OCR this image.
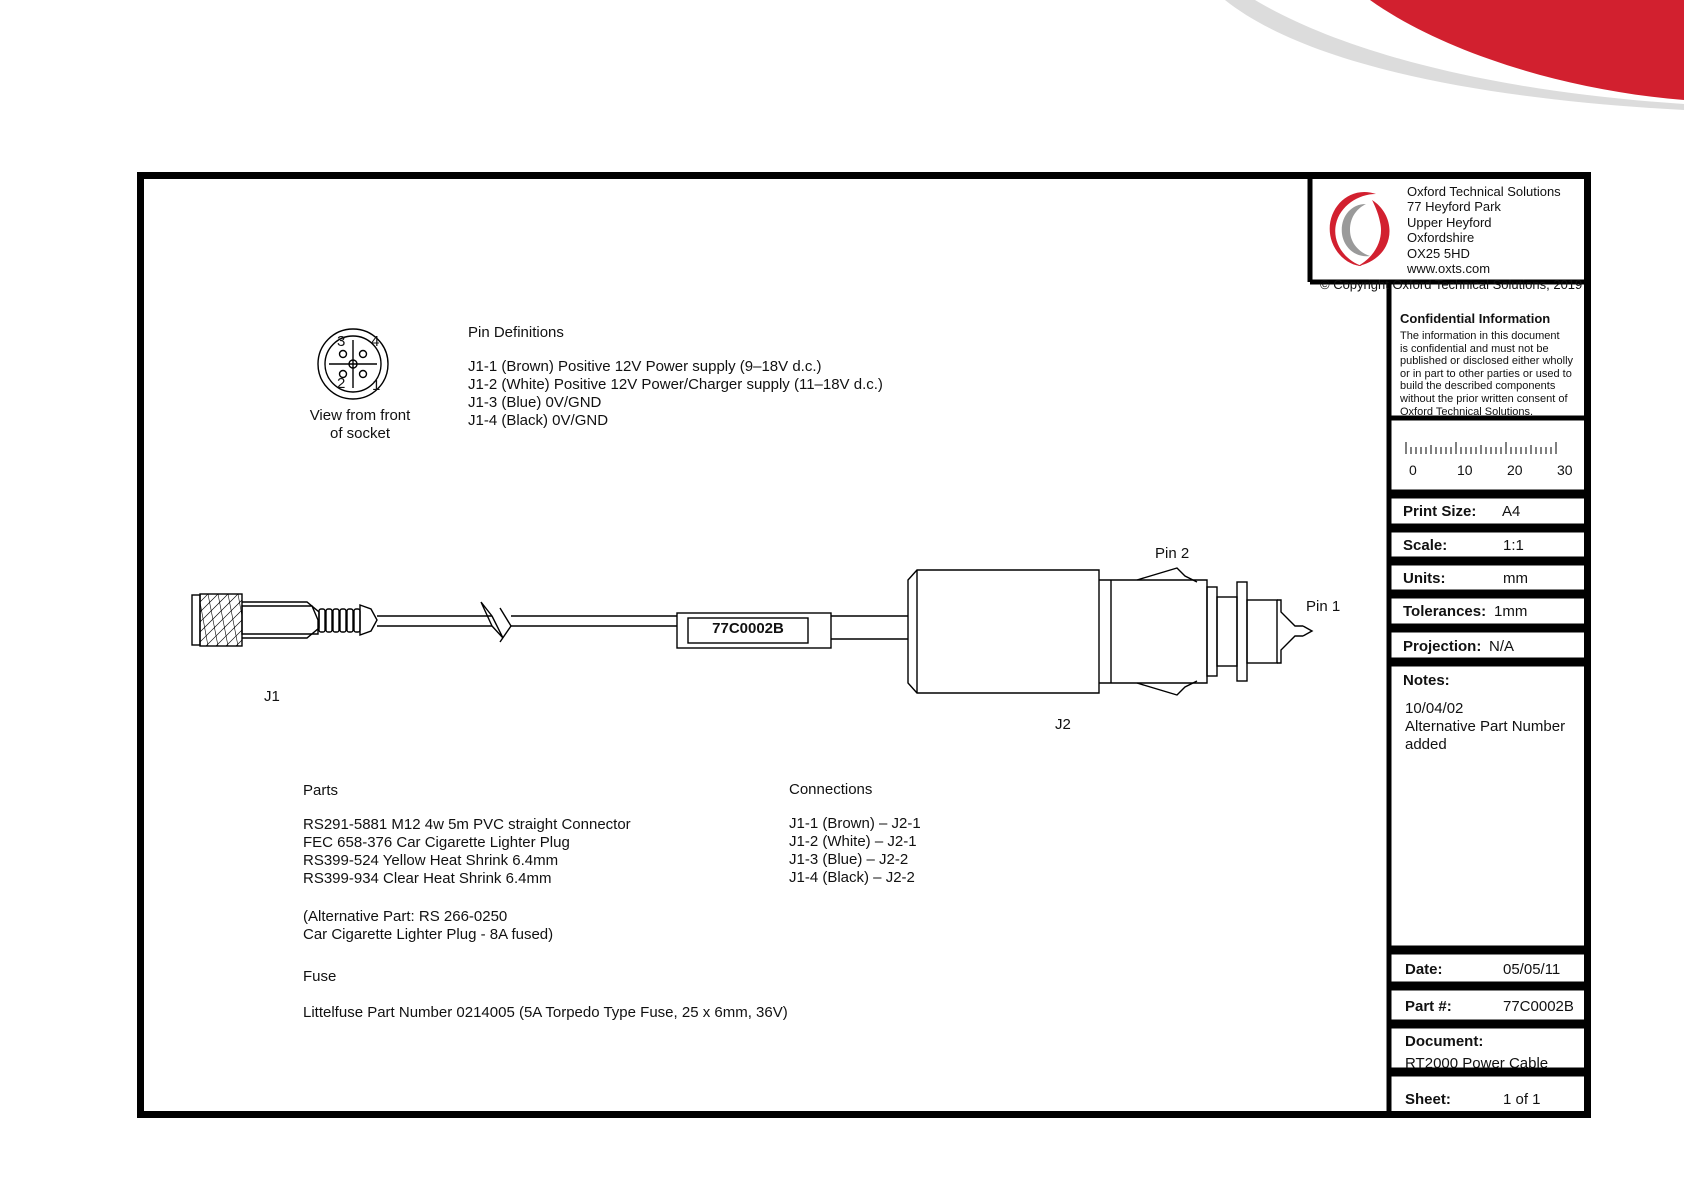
3 4
2 1
View from front
of socket
Pin Definitions
J1-1 (Brown) Positive 12V Power supply (9–18V d.c.)
J1-2 (White) Positive 12V Power/Charger supply (11–18V d.c.)
J1-3 (Blue) 0V/GND
J1-4 (Black) 0V/GND
J1
J2
Pin 2
Pin 1
77C0002B
Parts
RS291-5881 M12 4w 5m PVC straight Connector
FEC 658-376 Car Cigarette Lighter Plug
RS399-524 Yellow Heat Shrink 6.4mm
RS399-934 Clear Heat Shrink 6.4mm
(Alternative Part: RS 266-0250
Car Cigarette Lighter Plug - 8A fused)
Fuse
Littelfuse Part Number 0214005 (5A Torpedo Type Fuse, 25 x 6mm, 36V)
Connections
J1-1 (Brown) – J2-1
J1-2 (White) – J2-1
J1-3 (Blue) – J2-2
J1-4 (Black) – J2-2
Oxford Technical Solutions
77 Heyford Park
Upper Heyford
Oxfordshire
OX25 5HD
www.oxts.com
© Copyright Oxford Technical Solutions, 2019
Confidential Information
The information in this document
is confidential and must not be
published or disclosed either wholly
or in part to other parties or used to
build the described components
without the prior written consent of
Oxford Technical Solutions.
0	10 20 30
Print Size: A4
Scale:	1:1
Units:	mm
Tolerances: 1mm
Projection: N/A
Notes:
10/04/02
Alternative Part Number
added
Date:	05/05/11
Part #:	77C0002B
Document:
RT2000 Power Cable
Sheet:	1 of 1
